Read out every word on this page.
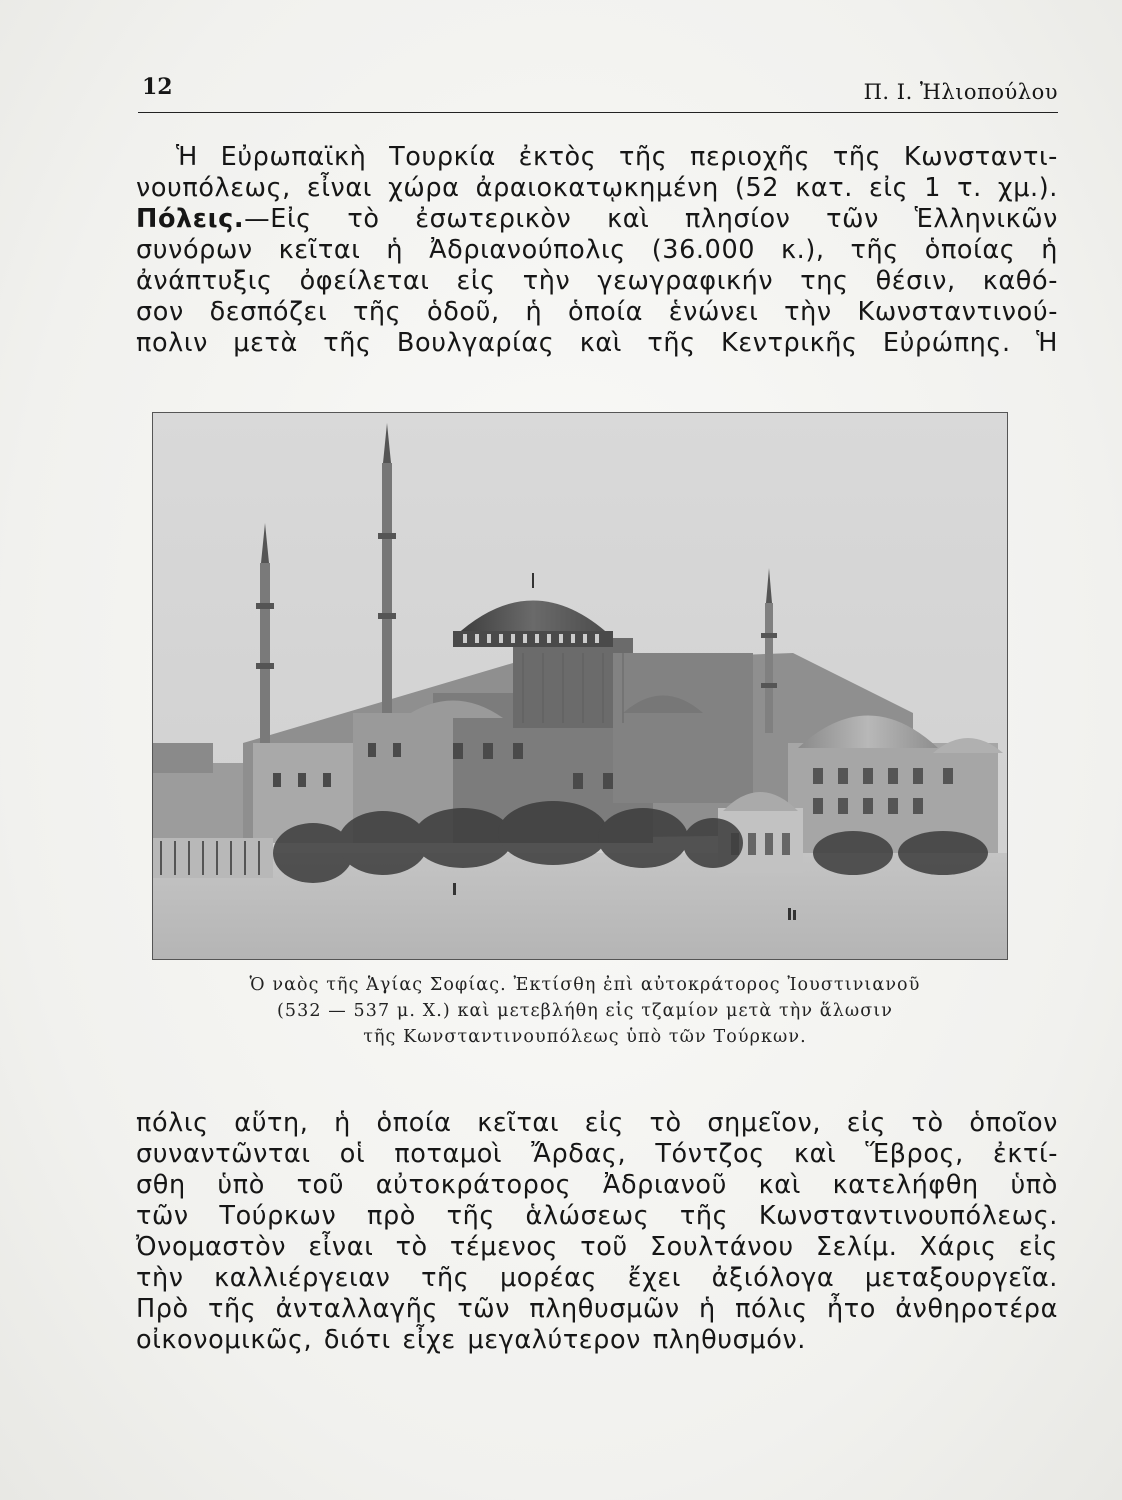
12	Π. Ι. Ἠλιοπούλου

Ἡ Εὐρωπαϊκὴ Τουρκία ἐκτὸς τῆς περιοχῆς τῆς Κωνσταντι-
νουπόλεως, εἶναι χώρα ἀραιοκατῳκημένη (52 κατ. εἰς 1 τ. χμ.).
Πόλεις.—Εἰς τὸ ἐσωτερικὸν καὶ πλησίον τῶν Ἑλληνικῶν
συνόρων κεῖται ἡ Ἀδριανούπολις (36.000 κ.), τῆς ὁποίας ἡ
ἀνάπτυξις ὀφείλεται εἰς τὴν γεωγραφικήν της θέσιν, καθό-
σον δεσπόζει τῆς ὁδοῦ, ἡ ὁποία ἑνώνει τὴν Κωνσταντινού-
πολιν μετὰ τῆς Βουλγαρίας καὶ τῆς Κεντρικῆς Εὐρώπης. Ἡ

Ὁ ναὸς τῆς Ἁγίας Σοφίας. Ἐκτίσθη ἐπὶ αὐτοκράτορος Ἰουστινιανοῦ
(532 — 537 μ. Χ.) καὶ μετεβλήθη εἰς τζαμίον μετὰ τὴν ἅλωσιν
τῆς Κωνσταντινουπόλεως ὑπὸ τῶν Τούρκων.

πόλις αὕτη, ἡ ὁποία κεῖται εἰς τὸ σημεῖον, εἰς τὸ ὁποῖον
συναντῶνται οἱ ποταμοὶ Ἄρδας, Τόντζος καὶ Ἕβρος, ἐκτί-
σθη ὑπὸ τοῦ αὐτοκράτορος Ἀδριανοῦ καὶ κατελήφθη ὑπὸ
τῶν Τούρκων πρὸ τῆς ἁλώσεως τῆς Κωνσταντινουπόλεως.
Ὀνομαστὸν εἶναι τὸ τέμενος τοῦ Σουλτάνου Σελίμ. Χάρις εἰς
τὴν καλλιέργειαν τῆς μορέας ἔχει ἀξιόλογα μεταξουργεῖα.
Πρὸ τῆς ἀνταλλαγῆς τῶν πληθυσμῶν ἡ πόλις ἦτο ἀνθηροτέρα
οἰκονομικῶς, διότι εἶχε μεγαλύτερον πληθυσμόν.
